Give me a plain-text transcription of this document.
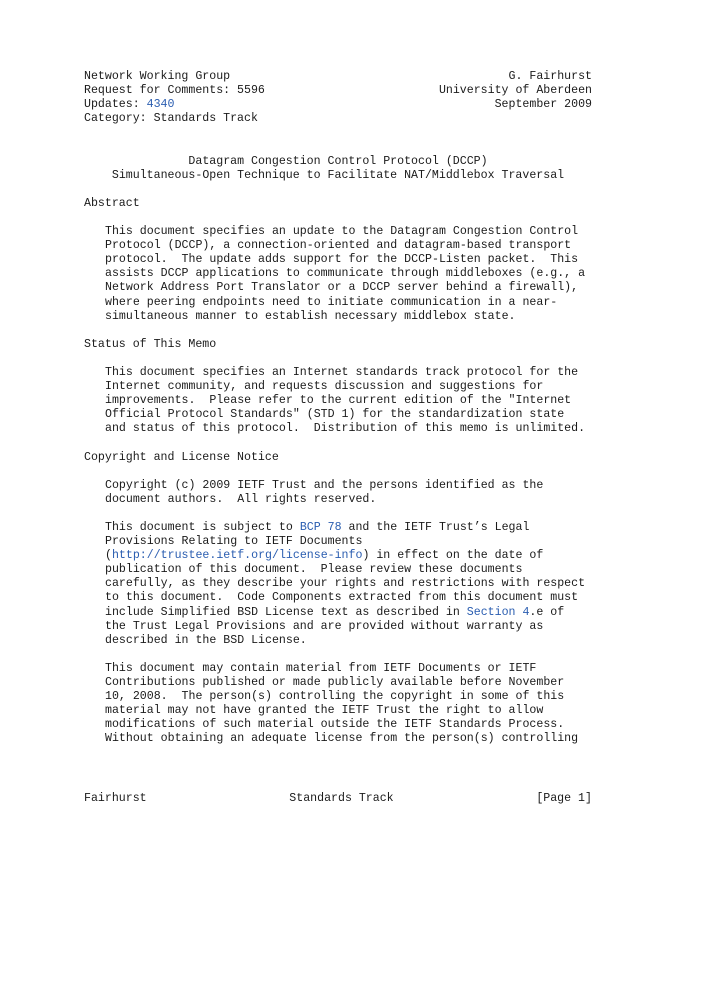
Network Working Group	G. Fairhurst
Request for Comments: 5596	University of Aberdeen
Updates: 4340	September 2009
Category: Standards Track
Datagram Congestion Control Protocol (DCCP)
Simultaneous-Open Technique to Facilitate NAT/Middlebox Traversal
Abstract
This document specifies an update to the Datagram Congestion Control
Protocol (DCCP), a connection-oriented and datagram-based transport
protocol.  The update adds support for the DCCP-Listen packet.  This
assists DCCP applications to communicate through middleboxes (e.g., a
Network Address Port Translator or a DCCP server behind a firewall),
where peering endpoints need to initiate communication in a near-
simultaneous manner to establish necessary middlebox state.
Status of This Memo
This document specifies an Internet standards track protocol for the
Internet community, and requests discussion and suggestions for
improvements.  Please refer to the current edition of the "Internet
Official Protocol Standards" (STD 1) for the standardization state
and status of this protocol.  Distribution of this memo is unlimited.
Copyright and License Notice
Copyright (c) 2009 IETF Trust and the persons identified as the
document authors.  All rights reserved.
This document is subject to BCP 78 and the IETF Trust’s Legal
Provisions Relating to IETF Documents
(http://trustee.ietf.org/license-info) in effect on the date of
publication of this document.  Please review these documents
carefully, as they describe your rights and restrictions with respect
to this document.  Code Components extracted from this document must
include Simplified BSD License text as described in Section 4.e of
the Trust Legal Provisions and are provided without warranty as
described in the BSD License.
This document may contain material from IETF Documents or IETF
Contributions published or made publicly available before November
10, 2008.  The person(s) controlling the copyright in some of this
material may not have granted the IETF Trust the right to allow
modifications of such material outside the IETF Standards Process.
Without obtaining an adequate license from the person(s) controlling
Fairhurst	Standards Track	[Page 1]
